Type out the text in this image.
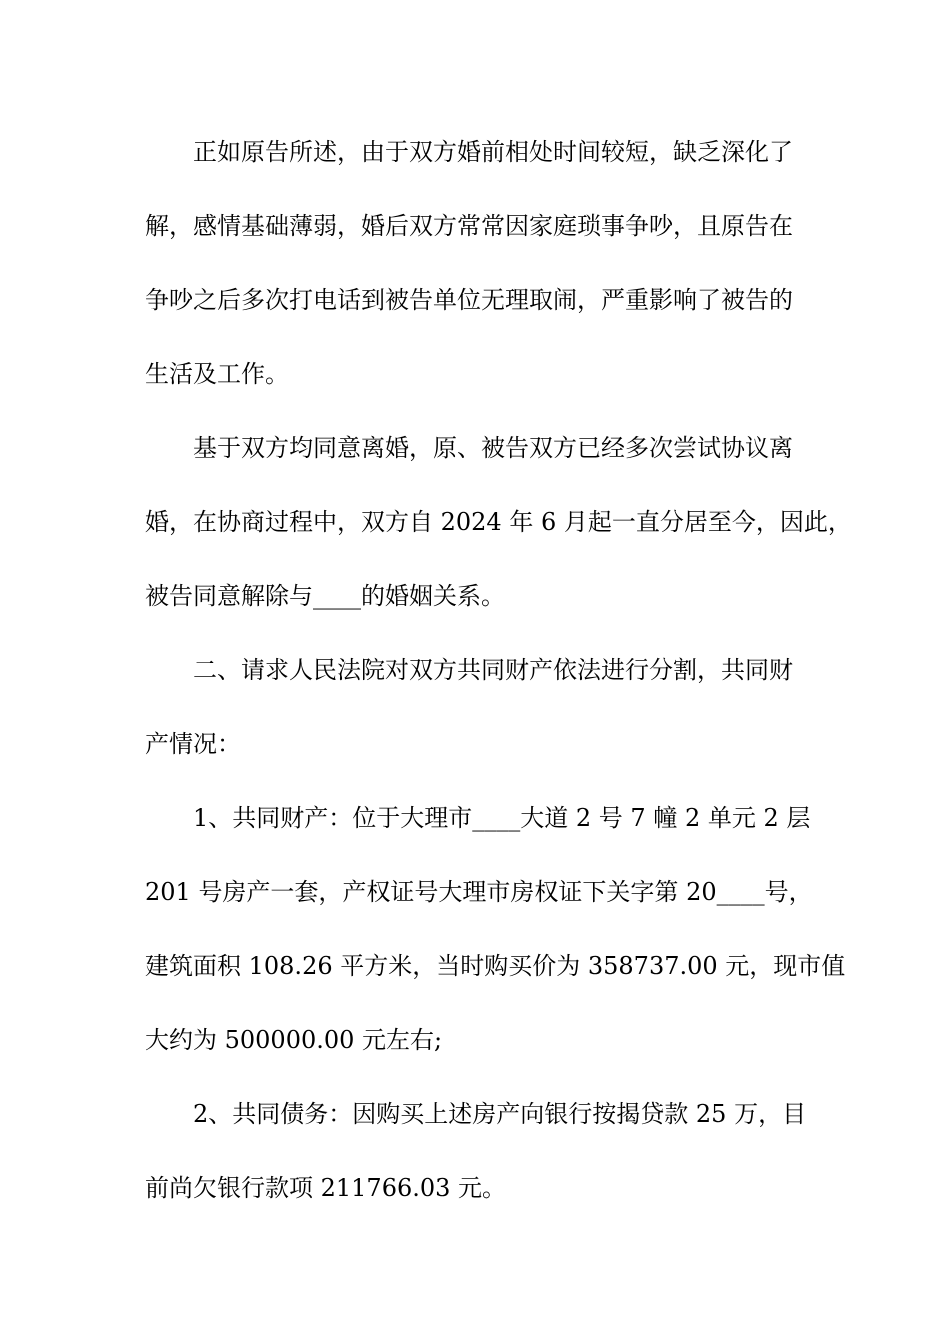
正如原告所述，由于双方婚前相处时间较短，缺乏深化了
解，感情基础薄弱，婚后双方常常因家庭琐事争吵，且原告在
争吵之后多次打电话到被告单位无理取闹，严重影响了被告的
生活及工作。
基于双方均同意离婚，原、被告双方已经多次尝试协议离
婚，在协商过程中，双方自 2024 年 6 月起一直分居至今，因此，
被告同意解除与____的婚姻关系。
二、请求人民法院对双方共同财产依法进行分割，共同财
产情况：
1、共同财产：位于大理市____大道 2 号 7 幢 2 单元 2 层
201 号房产一套，产权证号大理市房权证下关字第 20____号，
建筑面积 108.26 平方米，当时购买价为 358737.00 元，现市值
大约为 500000.00 元左右;
2、共同债务：因购买上述房产向银行按揭贷款 25 万，目
前尚欠银行款项 211766.03 元。
